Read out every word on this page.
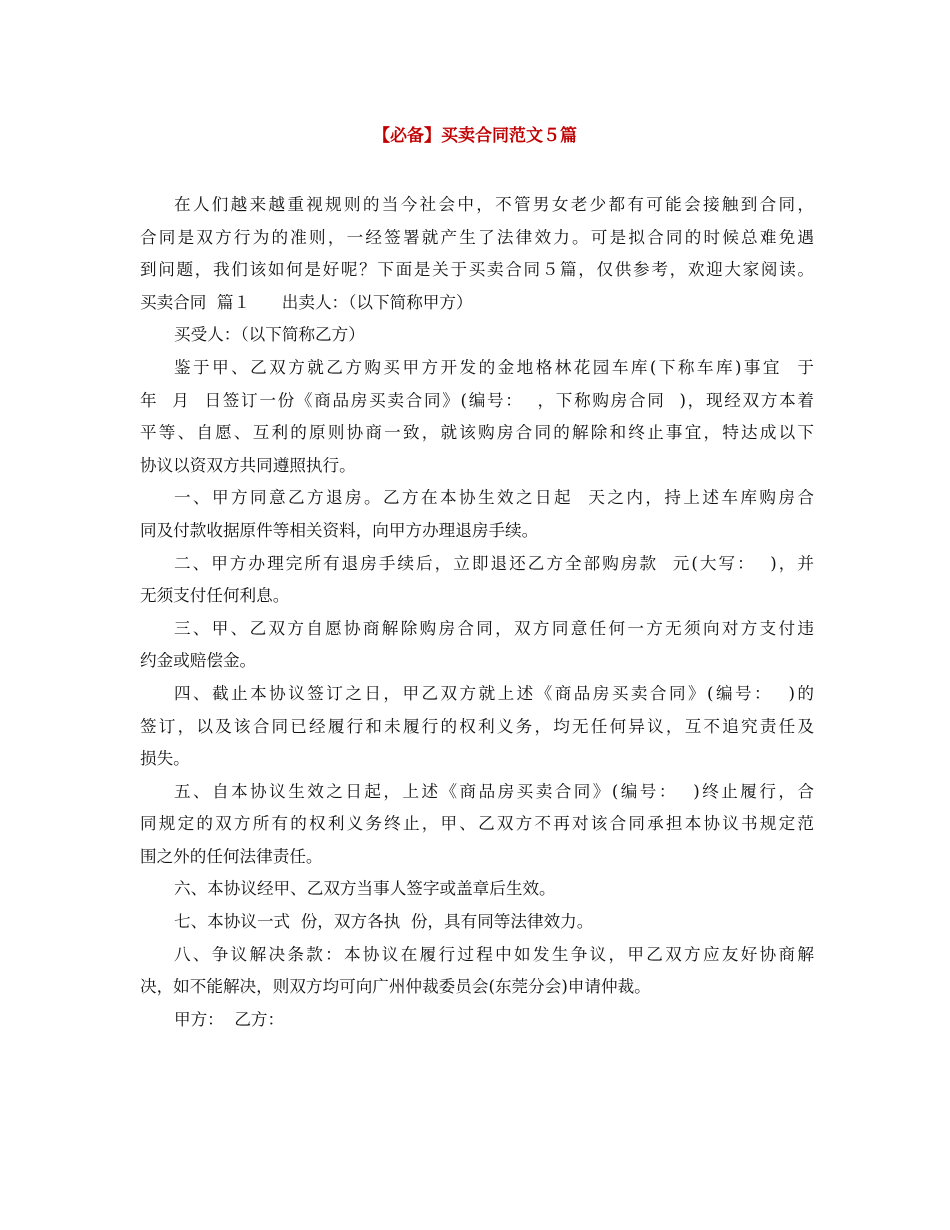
【必备】买卖合同范文５篇
在人们越来越重视规则的当今社会中，不管男女老少都有可能会接触到合同，
合同是双方行为的准则，一经签署就产生了法律效力。可是拟合同的时候总难免遇
到问题，我们该如何是好呢？下面是关于买卖合同５篇，仅供参考，欢迎大家阅读。
买卖合同  篇１      出卖人：（以下简称甲方）
买受人：（以下简称乙方）
鉴于甲、乙双方就乙方购买甲方开发的金地格林花园车库(下称车库)事宜  于
年  月  日签订一份《商品房买卖合同》(编号：  ，下称购房合同  )，现经双方本着
平等、自愿、互利的原则协商一致，就该购房合同的解除和终止事宜，特达成以下
协议以资双方共同遵照执行。
一、甲方同意乙方退房。乙方在本协生效之日起  天之内，持上述车库购房合
同及付款收据原件等相关资料，向甲方办理退房手续。
二、甲方办理完所有退房手续后，立即退还乙方全部购房款  元(大写：  )，并
无须支付任何利息。
三、甲、乙双方自愿协商解除购房合同，双方同意任何一方无须向对方支付违
约金或赔偿金。
四、截止本协议签订之日，甲乙双方就上述《商品房买卖合同》(编号：  )的
签订，以及该合同已经履行和未履行的权利义务，均无任何异议，互不追究责任及
损失。
五、自本协议生效之日起，上述《商品房买卖合同》(编号：  )终止履行，合
同规定的双方所有的权利义务终止，甲、乙双方不再对该合同承担本协议书规定范
围之外的任何法律责任。
六、本协议经甲、乙双方当事人签字或盖章后生效。
七、本协议一式  份，双方各执  份，具有同等法律效力。
八、争议解决条款：本协议在履行过程中如发生争议，甲乙双方应友好协商解
决，如不能解决，则双方均可向广州仲裁委员会(东莞分会)申请仲裁。
甲方：  乙方：
